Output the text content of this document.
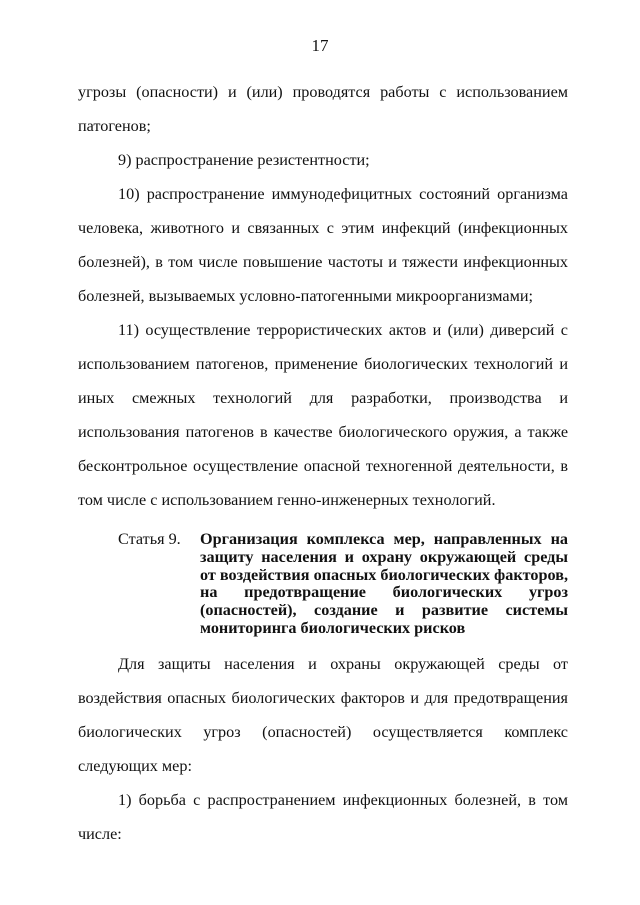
17
угрозы (опасности) и (или) проводятся работы с использованием патогенов;
9) распространение резистентности;
10) распространение иммунодефицитных состояний организма человека, животного и связанных с этим инфекций (инфекционных болезней), в том числе повышение частоты и тяжести инфекционных болезней, вызываемых условно-патогенными микроорганизмами;
11) осуществление террористических актов и (или) диверсий с использованием патогенов, применение биологических технологий и иных смежных технологий для разработки, производства и использования патогенов в качестве биологического оружия, а также бесконтрольное осуществление опасной техногенной деятельности, в том числе с использованием генно-инженерных технологий.
Статья 9. Организация комплекса мер, направленных на защиту населения и охрану окружающей среды от воздействия опасных биологических факторов, на предотвращение биологических угроз (опасностей), создание и развитие системы мониторинга биологических рисков
Для защиты населения и охраны окружающей среды от воздействия опасных биологических факторов и для предотвращения биологических угроз (опасностей) осуществляется комплекс следующих мер:
1) борьба с распространением инфекционных болезней, в том числе:
